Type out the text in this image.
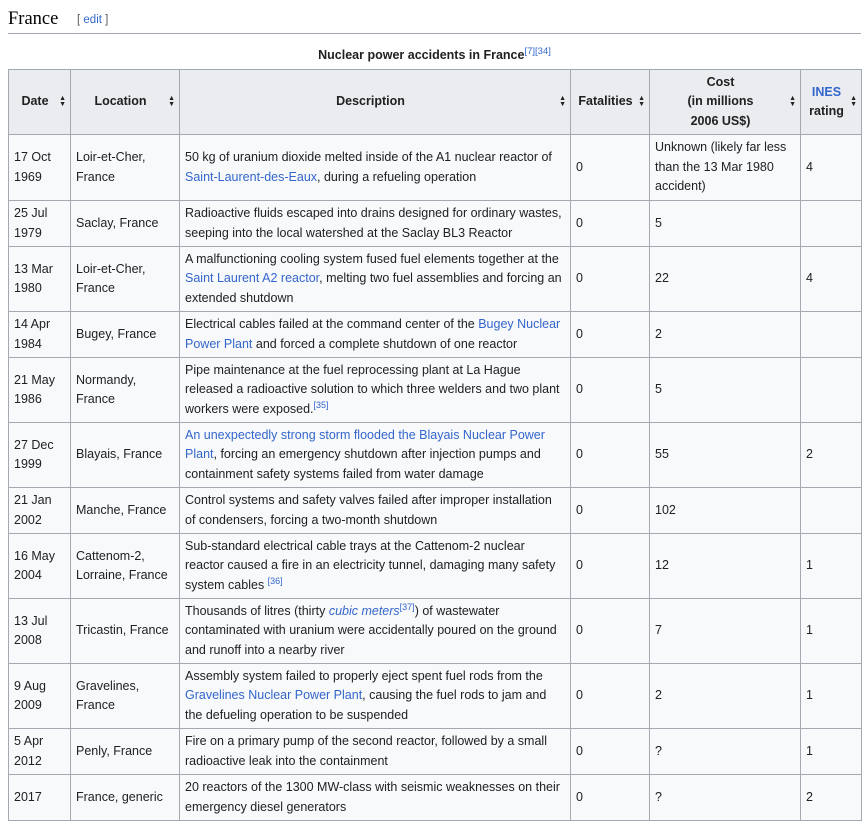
France [ edit ]
Nuclear power accidents in France[7][34]
Date ▲
▼	Location ▲
▼	Description ▲
▼	Fatalities ▲
▼	Cost
(in millions
2006 US$)
▲
▼	INES
rating
▲
▼

17 Oct
1969	Loir-et-Cher,
France	50 kg of uranium dioxide melted inside of the A1 nuclear reactor of Saint-Laurent-des-Eaux, during a refueling operation	0	Unknown (likely far less than the 13 Mar 1980 accident)	4
25 Jul
1979	Saclay, France	Radioactive fluids escaped into drains designed for ordinary wastes, seeping into the local watershed at the Saclay BL3 Reactor	0	5	
13 Mar
1980	Loir-et-Cher,
France	A malfunctioning cooling system fused fuel elements together at the Saint Laurent A2 reactor, melting two fuel assemblies and forcing an extended shutdown	0	22	4
14 Apr
1984	Bugey, France	Electrical cables failed at the command center of the Bugey Nuclear Power Plant and forced a complete shutdown of one reactor	0	2	
21 May
1986	Normandy,
France	Pipe maintenance at the fuel reprocessing plant at La Hague released a radioactive solution to which three welders and two plant workers were exposed.[35]	0	5	
27 Dec
1999	Blayais, France	An unexpectedly strong storm flooded the Blayais Nuclear Power Plant, forcing an emergency shutdown after injection pumps and containment safety systems failed from water damage	0	55	2
21 Jan
2002	Manche, France	Control systems and safety valves failed after improper installation of condensers, forcing a two-month shutdown	0	102	
16 May
2004	Cattenom-2,
Lorraine, France	Sub-standard electrical cable trays at the Cattenom-2 nuclear reactor caused a fire in an electricity tunnel, damaging many safety system cables [36]	0	12	1
13 Jul
2008	Tricastin, France	Thousands of litres (thirty cubic meters[37]) of wastewater contaminated with uranium were accidentally poured on the ground and runoff into a nearby river	0	7	1
9 Aug
2009	Gravelines,
France	Assembly system failed to properly eject spent fuel rods from the Gravelines Nuclear Power Plant, causing the fuel rods to jam and the defueling operation to be suspended	0	2	1
5 Apr
2012	Penly, France	Fire on a primary pump of the second reactor, followed by a small radioactive leak into the containment	0	?	1
2017	France, generic	20 reactors of the 1300 MW-class with seismic weaknesses on their emergency diesel generators	0	?	2
